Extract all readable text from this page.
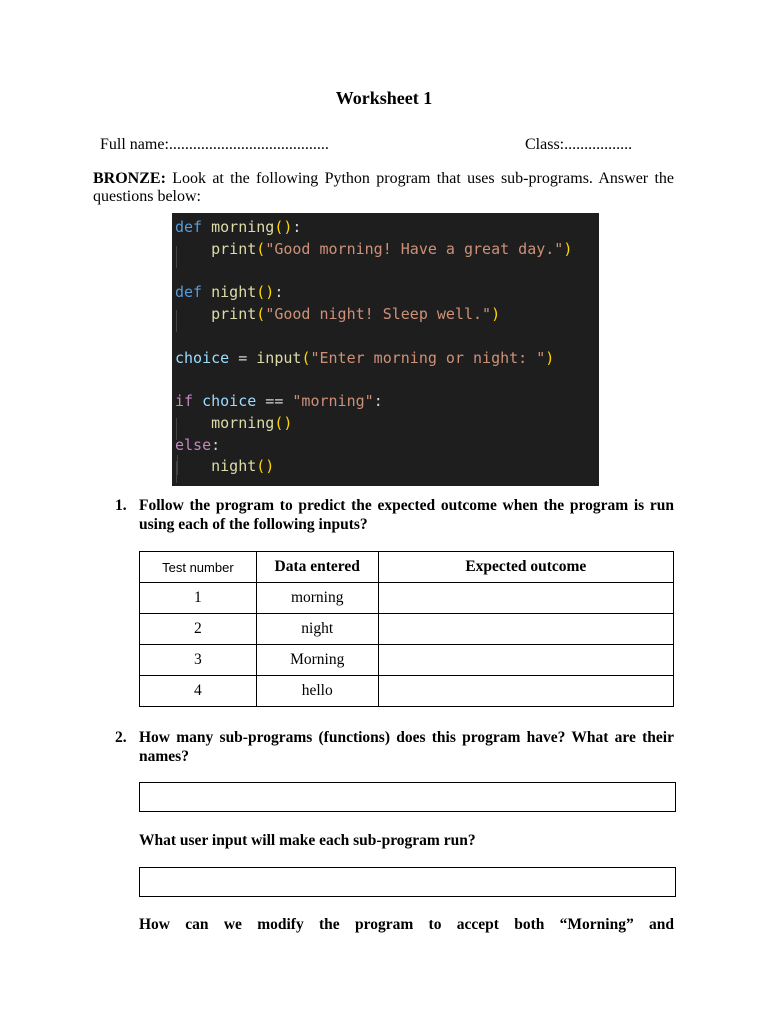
Worksheet 1
Full name:........................................	Class:.................
BRONZE: Look at the following Python program that uses sub-programs. Answer the questions below:
def morning():
print("Good morning! Have a great day.")
def night():
print("Good night! Sleep well.")
choice = input("Enter morning or night: ")
if choice == "morning":
morning()
else:
night()
1. Follow the program to predict the expected outcome when the program is run using each of the following inputs?
Test number	Data entered	Expected outcome
1	morning	
2	night	
3	Morning	
4	hello	
2. How many sub-programs (functions) does this program have? What are their names?
What user input will make each sub-program run?
How can we modify the program to accept both “Morning” and
